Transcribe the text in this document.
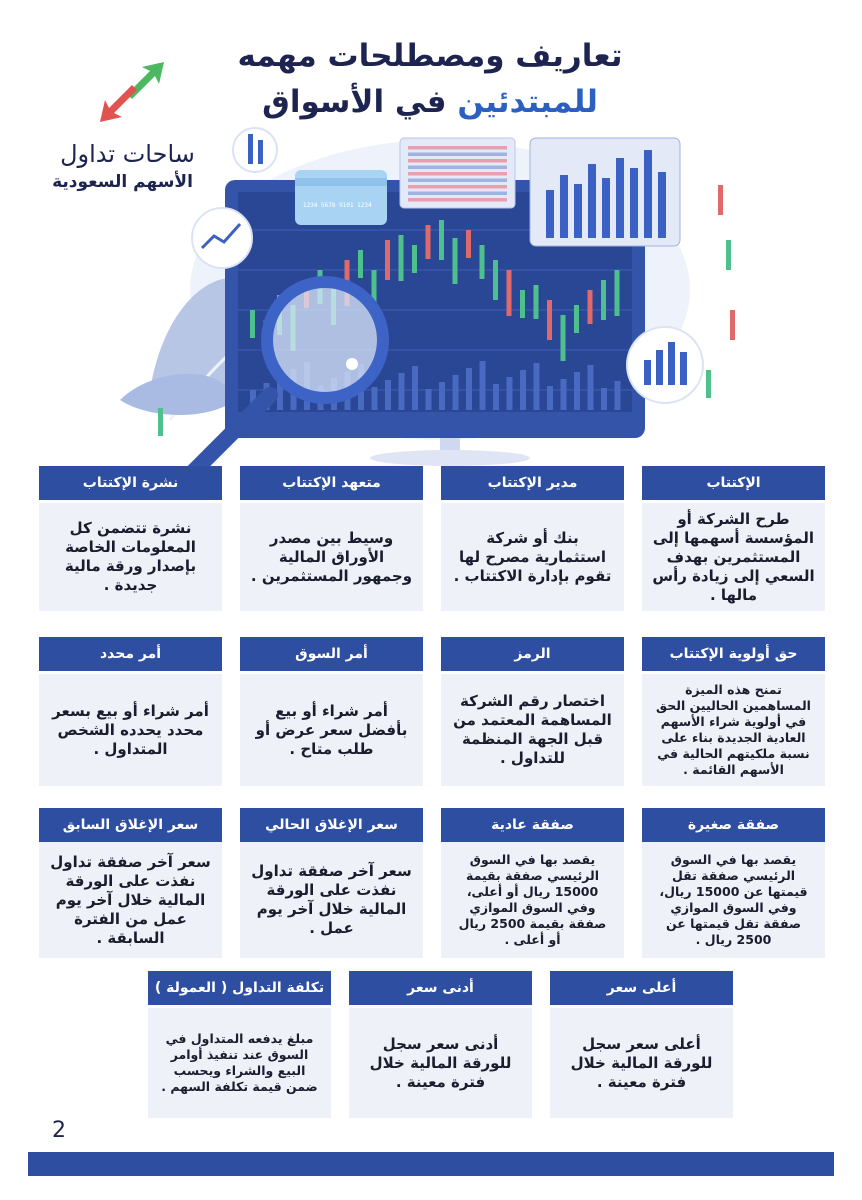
تعاريف ومصطلحات مهمه
للمبتدئين في الأسواق
ساحات تداول
الأسهم السعودية
1234 5678 9101 1234
الإكتتاب
طرح الشركة أو المؤسسة أسهمها إلى المستثمرين بهدف السعي إلى زيادة رأس مالها .
مدير الإكتتاب
بنك أو شركة استثمارية مصرح لها تقوم بإدارة الاكتتاب .
متعهد الإكتتاب
وسيط بين مصدر الأوراق المالية وجمهور المستثمرين .
نشرة الإكتتاب
نشرة تتضمن كل المعلومات الخاصة بإصدار ورقة مالية جديدة .
حق أولوية الإكتتاب
تمنح هذه الميزة المساهمين الحاليين الحق في أولوية شراء الأسهم العادية الجديدة بناء على نسبة ملكيتهم الحالية في الأسهم القائمة .
الرمز
اختصار رقم الشركة المساهمة المعتمد من قبل الجهة المنظمة للتداول .
أمر السوق
أمر شراء أو بيع بأفضل سعر عرض أو طلب متاح .
أمر محدد
أمر شراء أو بيع بسعر محدد يحدده الشخص المتداول .
صفقة صغيرة
يقصد بها في السوق الرئيسي صفقة تقل قيمتها عن 15000 ريال، وفي السوق الموازي صفقة تقل قيمتها عن 2500 ريال .
صفقة عادية
يقصد بها في السوق الرئيسي صفقة بقيمة 15000 ريال أو أعلى، وفي السوق الموازي صفقة بقيمة 2500 ريال أو أعلى .
سعر الإغلاق الحالي
سعر آخر صفقة تداول نفذت على الورقة المالية خلال آخر يوم عمل .
سعر الإغلاق السابق
سعر آخر صفقة تداول نفذت على الورقة المالية خلال آخر يوم عمل من الفترة السابقة .
أعلى سعر
أعلى سعر سجل للورقة المالية خلال فترة معينة .
أدنى سعر
أدنى سعر سجل للورقة المالية خلال فترة معينة .
تكلفة التداول ( العمولة )
مبلغ يدفعه المتداول في السوق عند تنفيذ أوامر البيع والشراء ويحسب ضمن قيمة تكلفة السهم .
2
